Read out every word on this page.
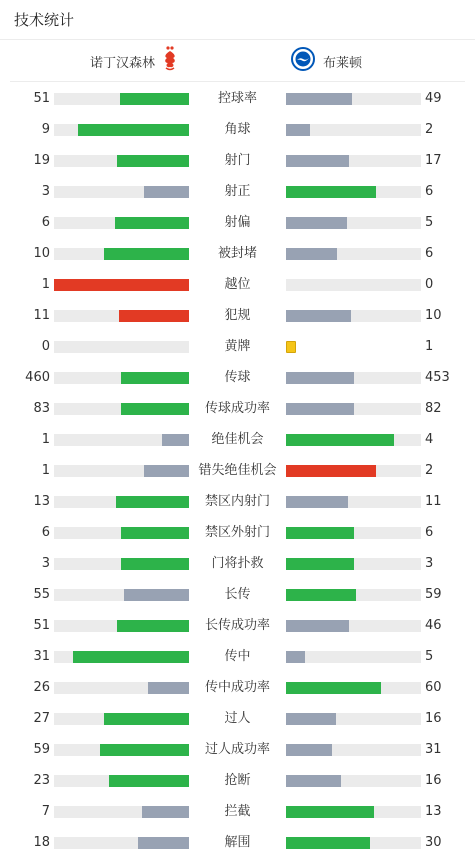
技术统计
诺丁汉森林	布莱顿
51	控球率	49
9	角球	2
19	射门	17
3	射正	6
6	射偏	5
10	被封堵	6
1	越位	0
11	犯规	10
0	黄牌	1
460	传球	453
83	传球成功率	82
1	绝佳机会	4
1	错失绝佳机会	2
13	禁区内射门	11
6	禁区外射门	6
3	门将扑救	3
55	长传	59
51	长传成功率	46
31	传中	5
26	传中成功率	60
27	过人	16
59	过人成功率	31
23	抢断	16
7	拦截	13
18	解围	30
